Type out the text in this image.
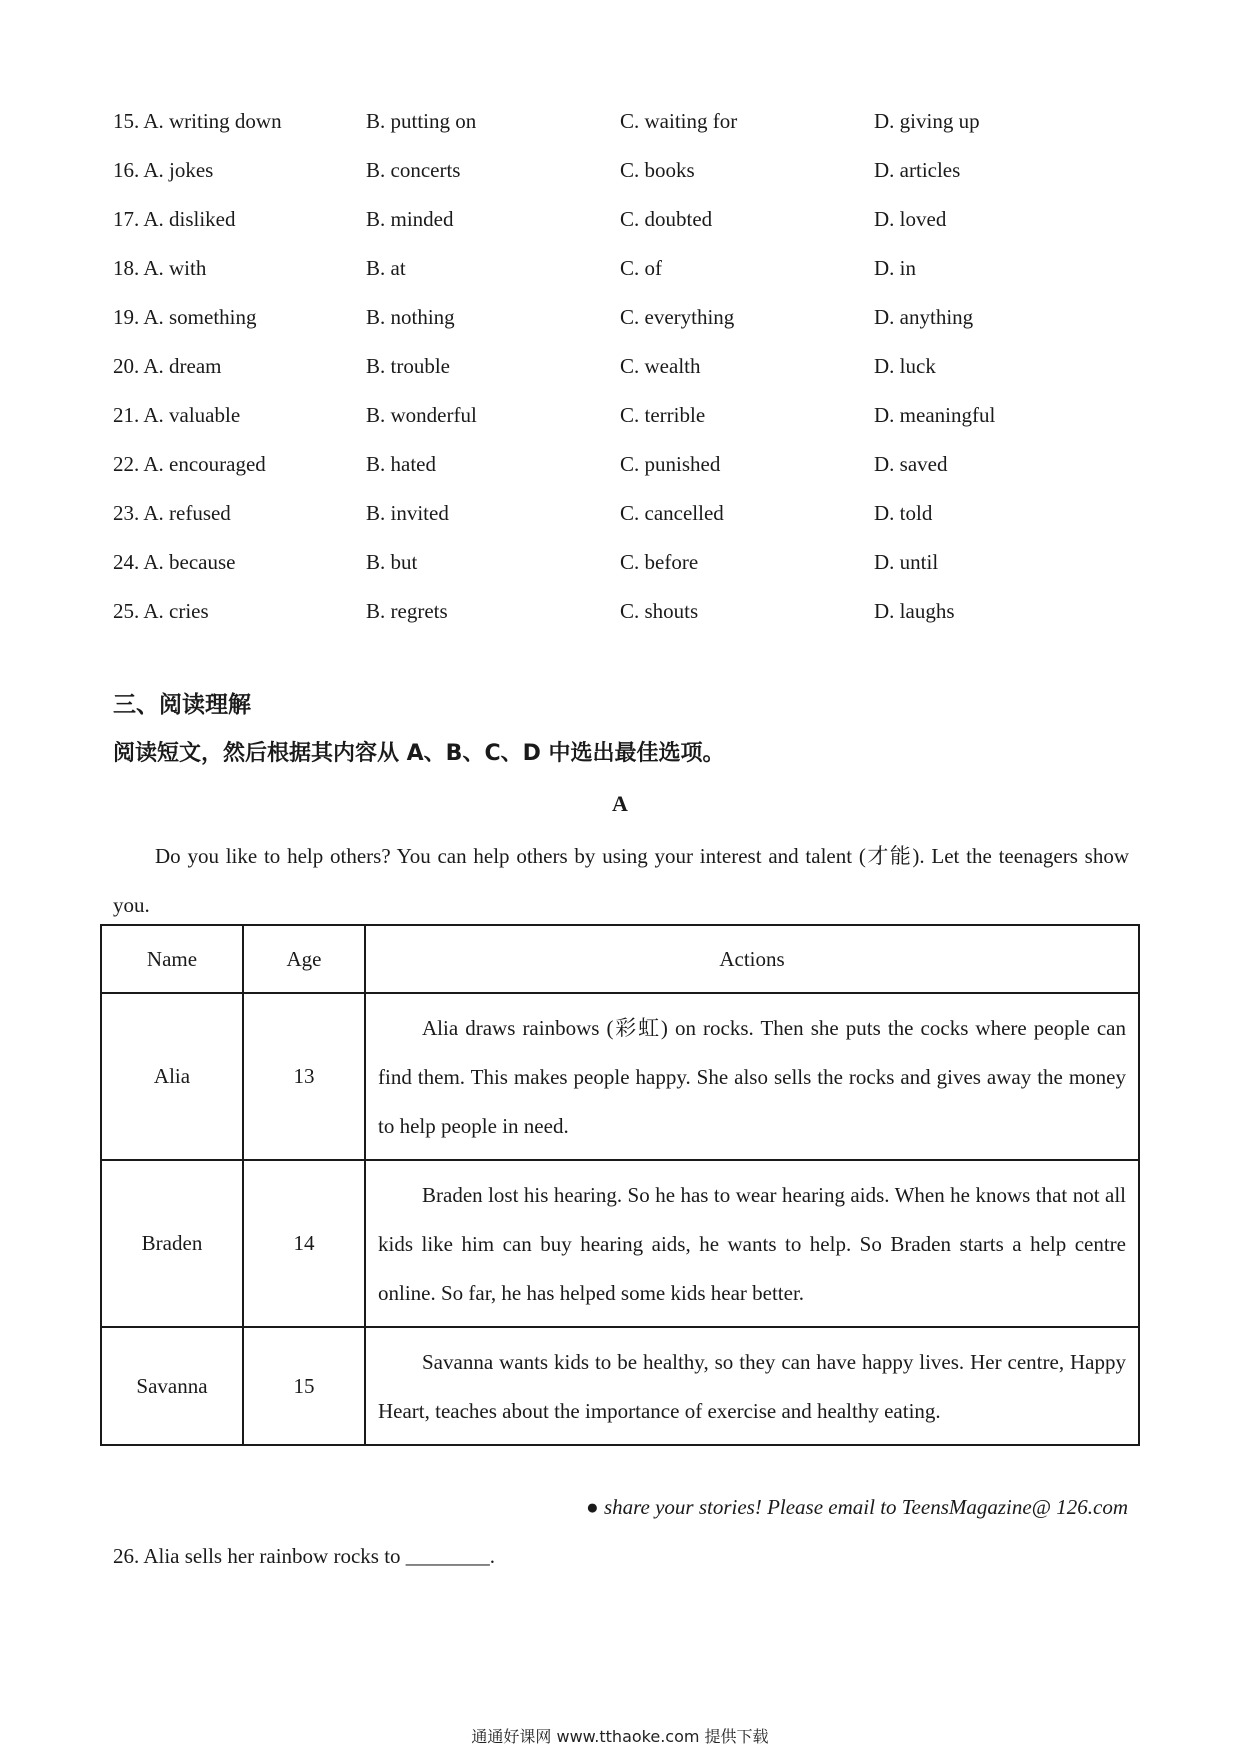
15. A. writing down	B. putting on	C. waiting for	D. giving up
16. A. jokes	B. concerts	C. books	D. articles
17. A. disliked	B. minded	C. doubted	D. loved
18. A. with	B. at	C. of	D. in
19. A. something	B. nothing	C. everything	D. anything
20. A. dream	B. trouble	C. wealth	D. luck
21. A. valuable	B. wonderful	C. terrible	D. meaningful
22. A. encouraged	B. hated	C. punished	D. saved
23. A. refused	B. invited	C. cancelled	D. told
24. A. because	B. but	C. before	D. until
25. A. cries	B. regrets	C. shouts	D. laughs
三、阅读理解
阅读短文，然后根据其内容从 A、B、C、D 中选出最佳选项。
A
Do you like to help others? You can help others by using your interest and talent (才能). Let the teenagers show you.
Name	Age	Actions
Alia	13	Alia draws rainbows (彩虹) on rocks. Then she puts the cocks where people can find them. This makes people happy. She also sells the rocks and gives away the money to help people in need.
Braden	14	Braden lost his hearing. So he has to wear hearing aids. When he knows that not all kids like him can buy hearing aids, he wants to help. So Braden starts a help centre online. So far, he has helped some kids hear better.
Savanna	15	Savanna wants kids to be healthy, so they can have happy lives. Her centre, Happy Heart, teaches about the importance of exercise and healthy eating.
● share your stories! Please email to TeensMagazine@ 126.com
26. Alia sells her rainbow rocks to ________.
通通好课网 www.tthaoke.com 提供下载
